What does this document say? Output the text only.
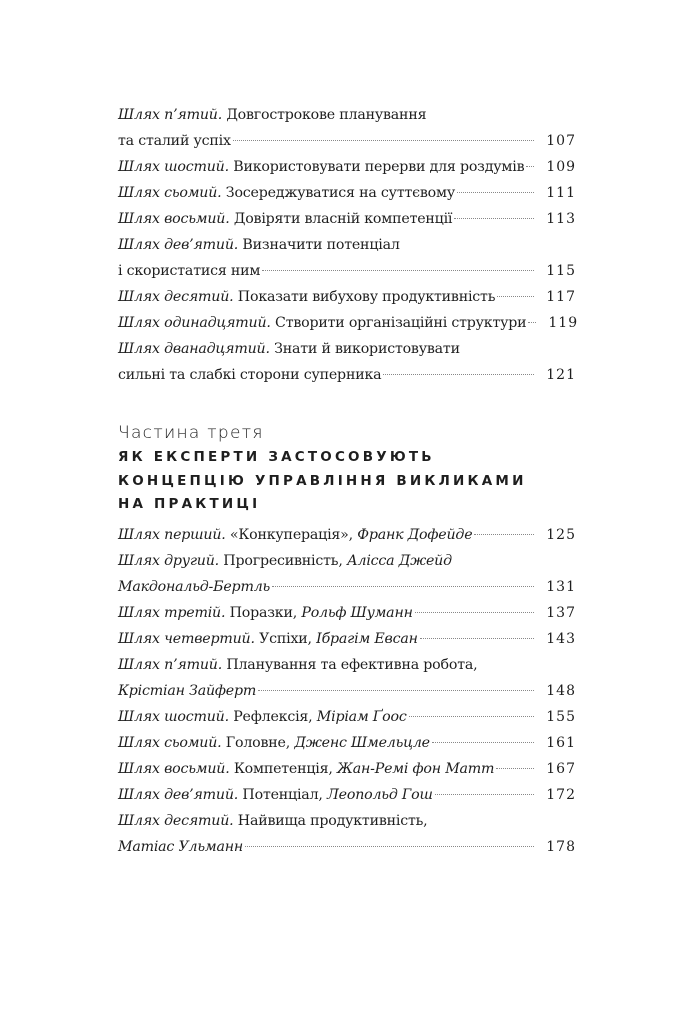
Шлях п’ятий. Довгострокове планування
та сталий успіх	107
Шлях шостий. Використовувати перерви для роздумів 109
Шлях сьомий. Зосереджуватися на суттєвому	111
Шлях восьмий. Довіряти власній компетенції	113
Шлях дев’ятий. Визначити потенціал
і скористатися ним	115
Шлях десятий. Показати вибухову продуктивність	117
Шлях одинадцятий. Створити організаційні структури 119
Шлях дванадцятий. Знати й використовувати
сильні та слабкі сторони суперника	121
Частина третя
ЯК ЕКСПЕРТИ ЗАСТОСОВУЮТЬ
КОНЦЕПЦІЮ УПРАВЛІННЯ ВИКЛИКАМИ
НА ПРАКТИЦІ
Шлях перший. «Конкуперація», Франк Дофейде	125
Шлях другий. Прогресивність, Алісса Джейд
Макдональд-Бертль	131
Шлях третій. Поразки, Рольф Шуманн	137
Шлях четвертий. Успіхи, Ібрагім Евсан	143
Шлях п’ятий. Планування та ефективна робота,
Крістіан Зайферт	148
Шлях шостий. Рефлексія, Міріам Ґоос	155
Шлях сьомий. Головне, Дженс Шмельцле	161
Шлях восьмий. Компетенція, Жан-Ремі фон Матт	167
Шлях дев’ятий. Потенціал, Леопольд Гош	172
Шлях десятий. Найвища продуктивність,
Матіас Ульманн	178
